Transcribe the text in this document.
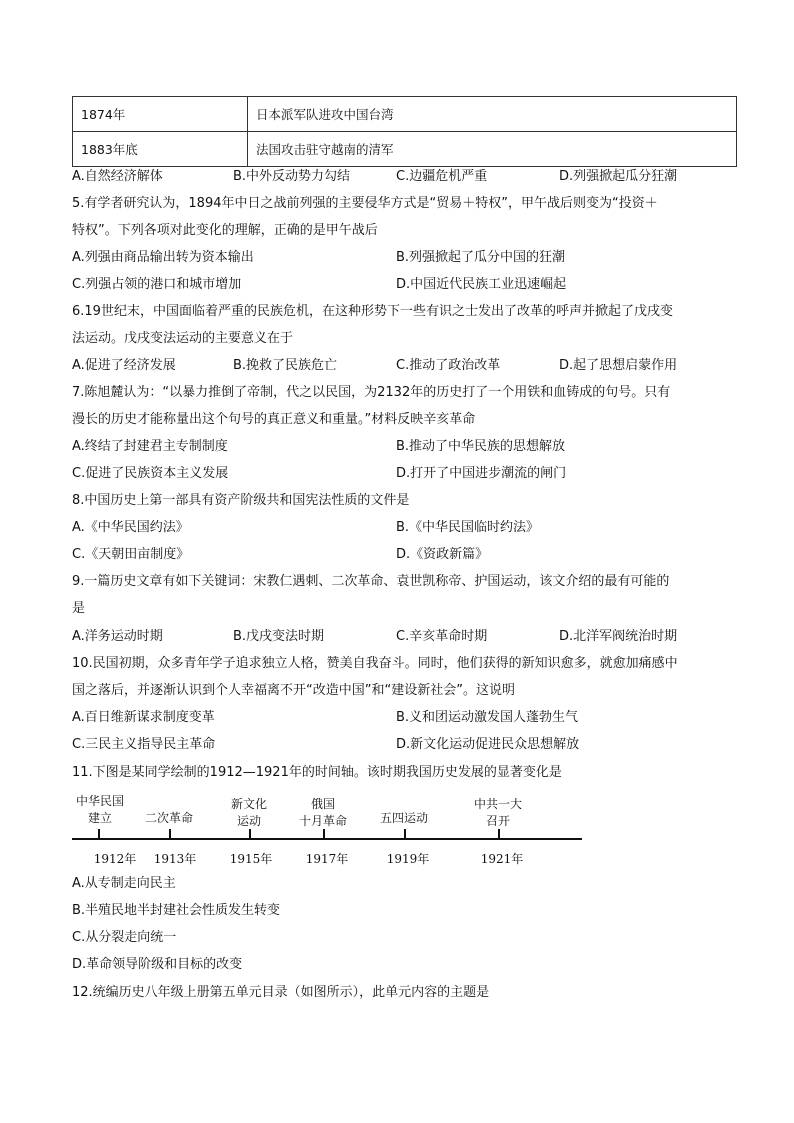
1874年	日本派军队进攻中国台湾
1883年底	法国攻击驻守越南的清军
A.自然经济解体	B.中外反动势力勾结	C.边疆危机严重	D.列强掀起瓜分狂潮
5.有学者研究认为，1894年中日之战前列强的主要侵华方式是“贸易＋特权”，甲午战后则变为“投资＋
特权”。下列各项对此变化的理解，正确的是甲午战后
A.列强由商品输出转为资本输出	B.列强掀起了瓜分中国的狂潮
C.列强占领的港口和城市增加	D.中国近代民族工业迅速崛起
6.19世纪末，中国面临着严重的民族危机，在这种形势下一些有识之士发出了改革的呼声并掀起了戊戌变
法运动。戊戌变法运动的主要意义在于
A.促进了经济发展	B.挽救了民族危亡	C.推动了政治改革	D.起了思想启蒙作用
7.陈旭麓认为：“以暴力推倒了帝制，代之以民国，为2132年的历史打了一个用铁和血铸成的句号。只有
漫长的历史才能称量出这个句号的真正意义和重量。”材料反映辛亥革命
A.终结了封建君主专制制度	B.推动了中华民族的思想解放
C.促进了民族资本主义发展	D.打开了中国进步潮流的闸门
8.中国历史上第一部具有资产阶级共和国宪法性质的文件是
A.《中华民国约法》	B.《中华民国临时约法》
C.《天朝田亩制度》	D.《资政新篇》
9.一篇历史文章有如下关键词：宋教仁遇刺、二次革命、袁世凯称帝、护国运动，该文介绍的最有可能的
是
A.洋务运动时期	B.戊戌变法时期	C.辛亥革命时期	D.北洋军阀统治时期
10.民国初期，众多青年学子追求独立人格，赞美自我奋斗。同时，他们获得的新知识愈多，就愈加痛感中
国之落后，并逐渐认识到个人幸福离不开“改造中国”和“建设新社会”。这说明
A.百日维新谋求制度变革	B.义和团运动激发国人蓬勃生气
C.三民主义指导民主革命	D.新文化运动促进民众思想解放
11.下图是某同学绘制的1912—1921年的时间轴。该时期我国历史发展的显著变化是
中华民国
建立	二次革命
新文化
运动
俄国
十月革命	五四运动
中共一大
召开
1912年 1913年	1915年	1917年	1919年	1921年
A.从专制走向民主
B.半殖民地半封建社会性质发生转变
C.从分裂走向统一
D.革命领导阶级和目标的改变
12.统编历史八年级上册第五单元目录（如图所示），此单元内容的主题是
